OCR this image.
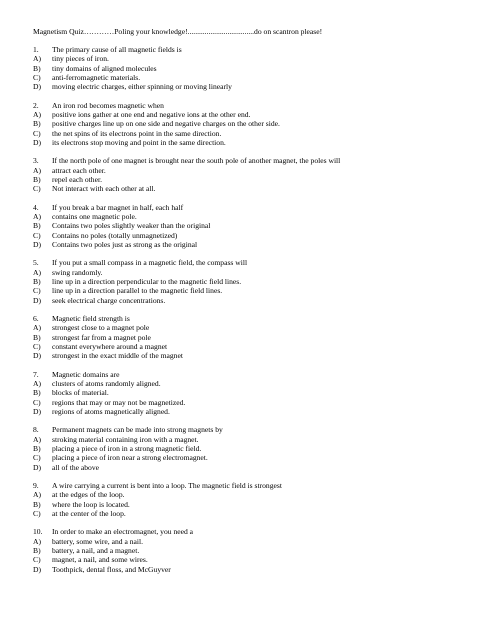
Magnetism Quiz…………Poling your knowledge!...................................do on scantron please!
1.	The primary cause of all magnetic fields is
A)	tiny pieces of iron.
B)	tiny domains of aligned molecules
C)	anti-ferromagnetic materials.
D)	moving electric charges, either spinning or moving linearly
2.	An iron rod becomes magnetic when
A)	positive ions gather at one end and negative ions at the other end.
B)	positive charges line up on one side and negative charges on the other side.
C)	the net spins of its electrons point in the same direction.
D)	its electrons stop moving and point in the same direction.
3.	If the north pole of one magnet is brought near the south pole of another magnet, the poles will
A)	attract each other.
B)	repel each other.
C)	Not interact with each other at all.
4.	If you break a bar magnet in half, each half
A)	contains one magnetic pole.
B)	Contains two poles slightly weaker than the original
C)	Contains no poles (totally unmagnetized)
D)	Contains two poles just as strong as the original
5.	If you put a small compass in a magnetic field, the compass will
A)	swing randomly.
B)	line up in a direction perpendicular to the magnetic field lines.
C)	line up in a direction parallel to the magnetic field lines.
D)	seek electrical charge concentrations.
6.	Magnetic field strength is
A)	strongest close to a magnet pole
B)	strongest far from a magnet pole
C)	constant everywhere around a magnet
D)	strongest in the exact middle of the magnet
7.	Magnetic domains are
A)	clusters of atoms randomly aligned.
B)	blocks of material.
C)	regions that may or may not be magnetized.
D)	regions of atoms magnetically aligned.
8.	Permanent magnets can be made into strong magnets by
A)	stroking material containing iron with a magnet.
B)	placing a piece of iron in a strong magnetic field.
C)	placing a piece of iron near a strong electromagnet.
D)	all of the above
9.	A wire carrying a current is bent into a loop. The magnetic field is strongest
A)	at the edges of the loop.
B)	where the loop is located.
C)	at the center of the loop.
10.	In order to make an electromagnet, you need a
A)	battery, some wire, and a nail.
B)	battery, a nail, and a magnet.
C)	magnet, a nail, and some wires.
D)	Toothpick, dental floss, and McGuyver
